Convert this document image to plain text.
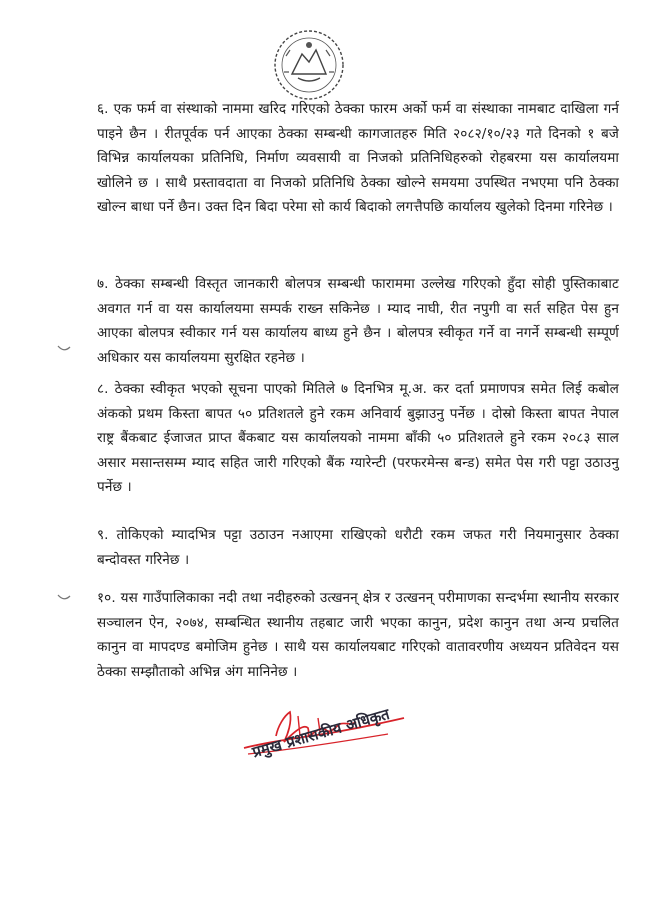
६. एक फर्म वा संस्थाको नाममा खरिद गरिएको ठेक्का फारम अर्को फर्म वा संस्थाका नामबाट दाखिला गर्न पाइने छैन । रीतपूर्वक पर्न आएका ठेक्का सम्बन्धी कागजातहरु मिति २०८२/१०/२३ गते दिनको १ बजे विभिन्न कार्यालयका प्रतिनिधि, निर्माण व्यवसायी वा निजको प्रतिनिधिहरुको रोहबरमा यस कार्यालयमा खोलिने छ । साथै प्रस्तावदाता वा निजको प्रतिनिधि ठेक्का खोल्ने समयमा उपस्थित नभएमा पनि ठेक्का खोल्न बाधा पर्ने छैन। उक्त दिन बिदा परेमा सो कार्य बिदाको लगत्तैपछि कार्यालय खुलेको दिनमा गरिनेछ ।

७. ठेक्का सम्बन्धी विस्तृत जानकारी बोलपत्र सम्बन्धी फाराममा उल्लेख गरिएको हुँदा सोही पुस्तिकाबाट अवगत गर्न वा यस कार्यालयमा सम्पर्क राख्न सकिनेछ । म्याद नाघी, रीत नपुगी वा सर्त सहित पेस हुन आएका बोलपत्र स्वीकार गर्न यस कार्यालय बाध्य हुने छैन । बोलपत्र स्वीकृत गर्ने वा नगर्ने सम्बन्धी सम्पूर्ण अधिकार यस कार्यालयमा सुरक्षित रहनेछ ।

८. ठेक्का स्वीकृत भएको सूचना पाएको मितिले ७ दिनभित्र मू.अ. कर दर्ता प्रमाणपत्र समेत लिई कबोल अंकको प्रथम किस्ता बापत ५० प्रतिशतले हुने रकम अनिवार्य बुझाउनु पर्नेछ । दोस्रो किस्ता बापत नेपाल राष्ट्र बैंकबाट ईजाजत प्राप्त बैंकबाट यस कार्यालयको नाममा बाँकी ५० प्रतिशतले हुने रकम २०८३ साल असार मसान्तसम्म म्याद सहित जारी गरिएको बैंक ग्यारेन्टी (परफरमेन्स बन्ड) समेत पेस गरी पट्टा उठाउनु पर्नेछ ।

९. तोकिएको म्यादभित्र पट्टा उठाउन नआएमा राखिएको धरौटी रकम जफत गरी नियमानुसार ठेक्का बन्दोवस्त गरिनेछ ।

१०. यस गाउँपालिकाका नदी तथा नदीहरुको उत्खनन् क्षेत्र र उत्खनन् परीमाणका सन्दर्भमा स्थानीय सरकार सञ्चालन ऐन, २०७४, सम्बन्धित स्थानीय तहबाट जारी भएका कानुन, प्रदेश कानुन तथा अन्य प्रचलित कानुन वा मापदण्ड बमोजिम हुनेछ । साथै यस कार्यालयबाट गरिएको वातावरणीय अध्ययन प्रतिवेदन यस ठेक्का सम्झौताको अभिन्न अंग मानिनेछ ।

प्रमुख प्रशासकीय अधिकृत
